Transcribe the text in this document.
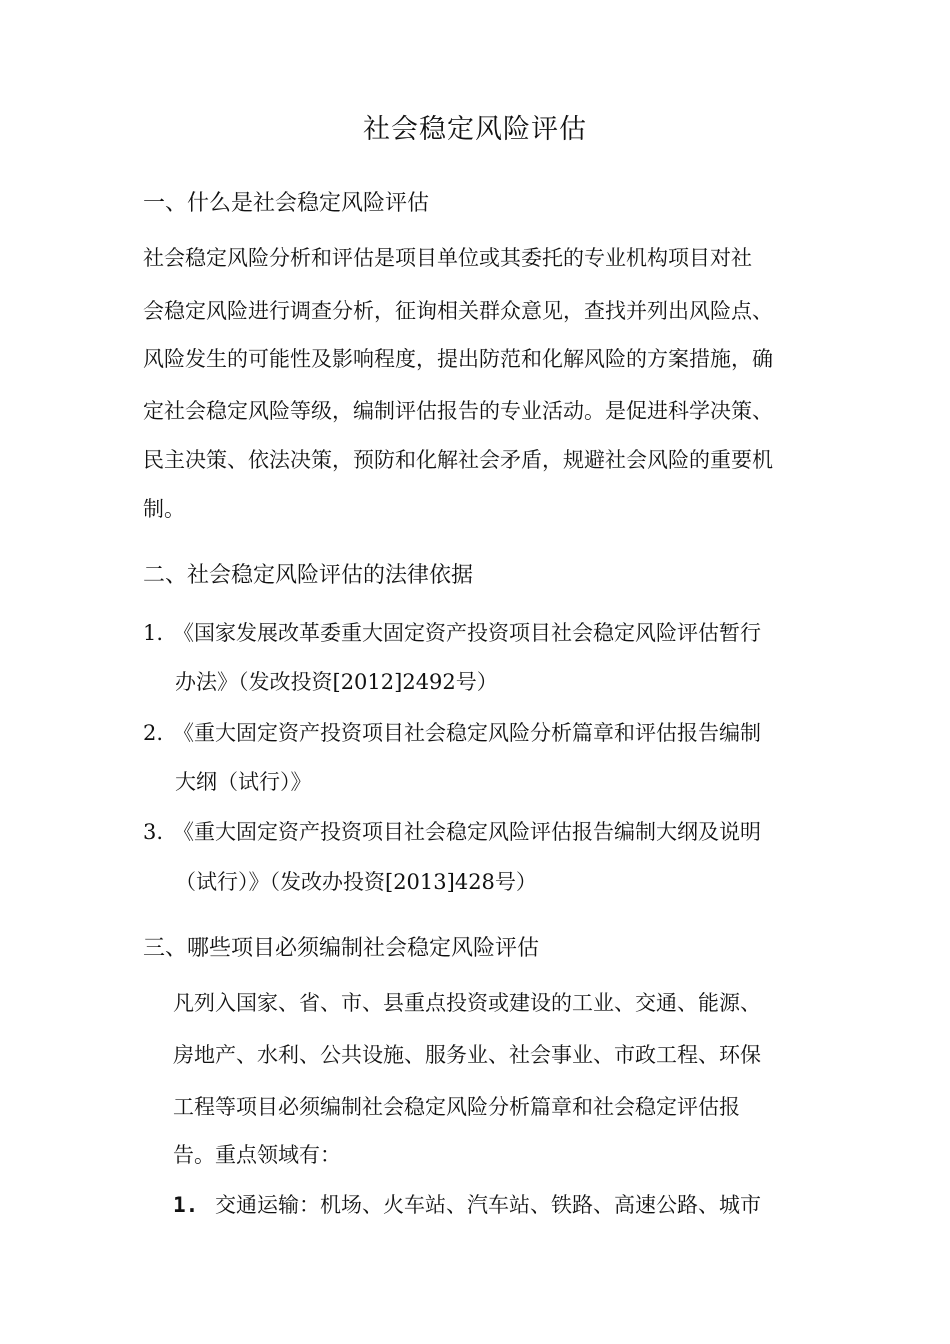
社会稳定风险评估
一、什么是社会稳定风险评估
社会稳定风险分析和评估是项目单位或其委托的专业机构项目对社
会稳定风险进行调查分析，征询相关群众意见，查找并列出风险点、
风险发生的可能性及影响程度，提出防范和化解风险的方案措施，确
定社会稳定风险等级，编制评估报告的专业活动。是促进科学决策、
民主决策、依法决策，预防和化解社会矛盾，规避社会风险的重要机
制。
二、社会稳定风险评估的法律依据
1. 《国家发展改革委重大固定资产投资项目社会稳定风险评估暂行
办法》（发改投资[2012]2492号）
2. 《重大固定资产投资项目社会稳定风险分析篇章和评估报告编制
大纲（试行）》
3. 《重大固定资产投资项目社会稳定风险评估报告编制大纲及说明
（试行）》（发改办投资[2013]428号）
三、哪些项目必须编制社会稳定风险评估
凡列入国家、省、市、县重点投资或建设的工业、交通、能源、
房地产、水利、公共设施、服务业、社会事业、市政工程、环保
工程等项目必须编制社会稳定风险分析篇章和社会稳定评估报
告。重点领域有：
1. 交通运输：机场、火车站、汽车站、铁路、高速公路、城市
